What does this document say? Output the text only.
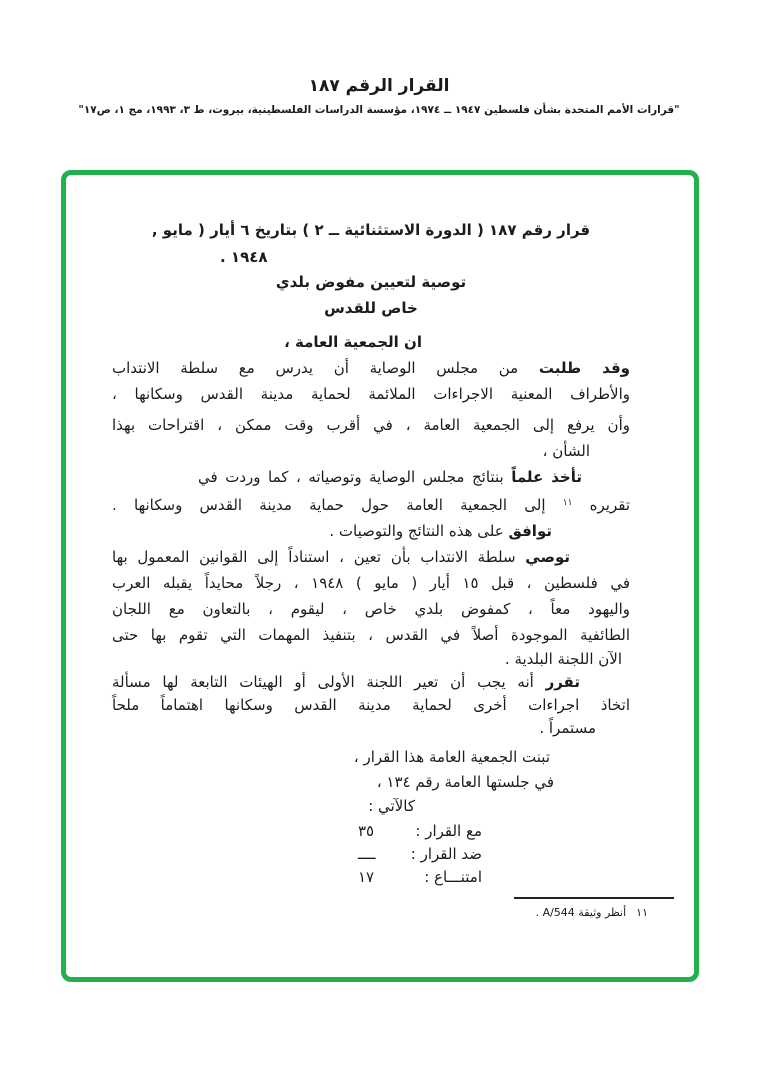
القرار الرقم ١٨٧
"قرارات الأمم المتحدة بشأن فلسطين ١٩٤٧ ــ ١٩٧٤، مؤسسة الدراسات الفلسطينية، بيروت، ط ٣، ١٩٩٣، مج ١، ص١٧"
قرار رقم ١٨٧ ( الدورة الاستثنائية ــ ٢ ) بتاريخ ٦ أيار ( مايو ,
١٩٤٨ .
توصية لتعيين مفوض بلدي
خاص للقدس
ان الجمعية العامة ،
وقد طلبت من مجلس الوصاية أن يدرس مع سلطة الانتداب
والأطراف المعنية الاجراءات الملائمة لحماية مدينة القدس وسكانها ،
وأن يرفع إلى الجمعية العامة ، في أقرب وقت ممكن ، اقتراحات بهذا
الشأن ،
تأخذ علماً بنتائج مجلس الوصاية وتوصياته ، كما وردت في
تقريره $^{١١}$ إلى الجمعية العامة حول حماية مدينة القدس وسكانها .
توافق على هذه النتائج والتوصيات .
توصي سلطة الانتداب بأن تعين ، استناداً إلى القوانين المعمول بها
في فلسطين ، قبل ١٥ أيار ( مايو ) ١٩٤٨ ، رجلاً محايداً يقبله العرب
واليهود معاً ، كمفوض بلدي خاص ، ليقوم ، بالتعاون مع اللجان
الطائفية الموجودة أصلاً في القدس ، بتنفيذ المهمات التي تقوم بها حتى
الآن اللجنة البلدية .
تقرر أنه يجب أن تعير اللجنة الأولى أو الهيئات التابعة لها مسألة
اتخاذ اجراءات أخرى لحماية مدينة القدس وسكانها اهتماماً ملحاً
مستمراً .
تبنت الجمعية العامة هذا القرار ،
في جلستها العامة رقم ١٣٤ ،
كالآتي :
مع القرار :
٣٥
ضد القرار :
ــــ
امتنـــاع :
١٧
١١
أنظر وثيقة A/544 .
